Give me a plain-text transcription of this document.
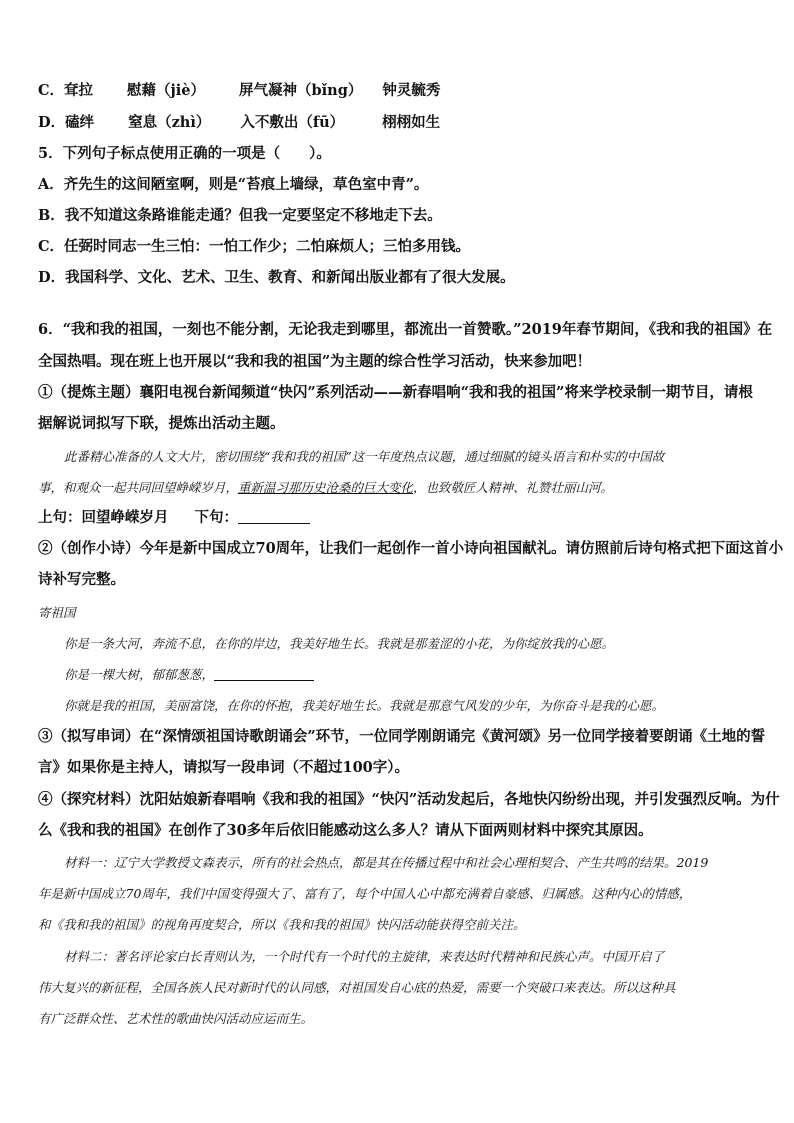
C．耷拉 慰藉（jiè） 屏气凝神（bǐng） 钟灵毓秀
D．磕绊 窒息（zhì） 入不敷出（fū）	栩栩如生
5．下列句子标点使用正确的一项是（　　）。
A．齐先生的这间陋室啊，则是“苔痕上墙绿，草色室中青”。
B．我不知道这条路谁能走通？但我一定要坚定不移地走下去。
C．任弼时同志一生三怕：一怕工作少；二怕麻烦人；三怕多用钱。
D．我国科学、文化、艺术、卫生、教育、和新闻出版业都有了很大发展。
6．“我和我的祖国，一刻也不能分割，无论我走到哪里，都流出一首赞歌。”2019年春节期间，《我和我的祖国》在
全国热唱。现在班上也开展以“我和我的祖国”为主题的综合性学习活动，快来参加吧！
①（提炼主题）襄阳电视台新闻频道“快闪”系列活动——新春唱响“我和我的祖国”将来学校录制一期节目，请根
据解说词拟写下联，提炼出活动主题。
此番精心准备的人文大片，密切围绕“我和我的祖国”这一年度热点议题，通过细腻的镜头语言和朴实的中国故
事，和观众一起共同回望峥嵘岁月，重新温习那历史沧桑的巨大变化，也致敬匠人精神、礼赞壮丽山河。
上句：回望峥嵘岁月 下句：
②（创作小诗）今年是新中国成立70周年，让我们一起创作一首小诗向祖国献礼。请仿照前后诗句格式把下面这首小
诗补写完整。
寄祖国
你是一条大河，奔流不息，在你的岸边，我美好地生长。我就是那羞涩的小花，为你绽放我的心愿。
你是一棵大树，郁郁葱葱，
你就是我的祖国，美丽富饶，在你的怀抱，我美好地生长。我就是那意气风发的少年，为你奋斗是我的心愿。
③（拟写串词）在“深情颂祖国诗歌朗诵会”环节，一位同学刚朗诵完《黄河颂》另一位同学接着要朗诵《土地的誓
言》如果你是主持人，请拟写一段串词（不超过100字）。
④（探究材料）沈阳姑娘新春唱响《我和我的祖国》“快闪”活动发起后，各地快闪纷纷出现，并引发强烈反响。为什
么《我和我的祖国》在创作了30多年后依旧能感动这么多人？请从下面两则材料中探究其原因。
材料一：辽宁大学教授文森表示，所有的社会热点，都是其在传播过程中和社会心理相契合、产生共鸣的结果。2019
年是新中国成立70周年，我们中国变得强大了、富有了，每个中国人心中都充满着自豪感、归属感。这种内心的情感，
和《我和我的祖国》的视角再度契合，所以《我和我的祖国》快闪活动能获得空前关注。
材料二：著名评论家白长青则认为，一个时代有一个时代的主旋律，来表达时代精神和民族心声。中国开启了
伟大复兴的新征程，全国各族人民对新时代的认同感，对祖国发自心底的热爱，需要一个突破口来表达。所以这种具
有广泛群众性、艺术性的歌曲快闪活动应运而生。
